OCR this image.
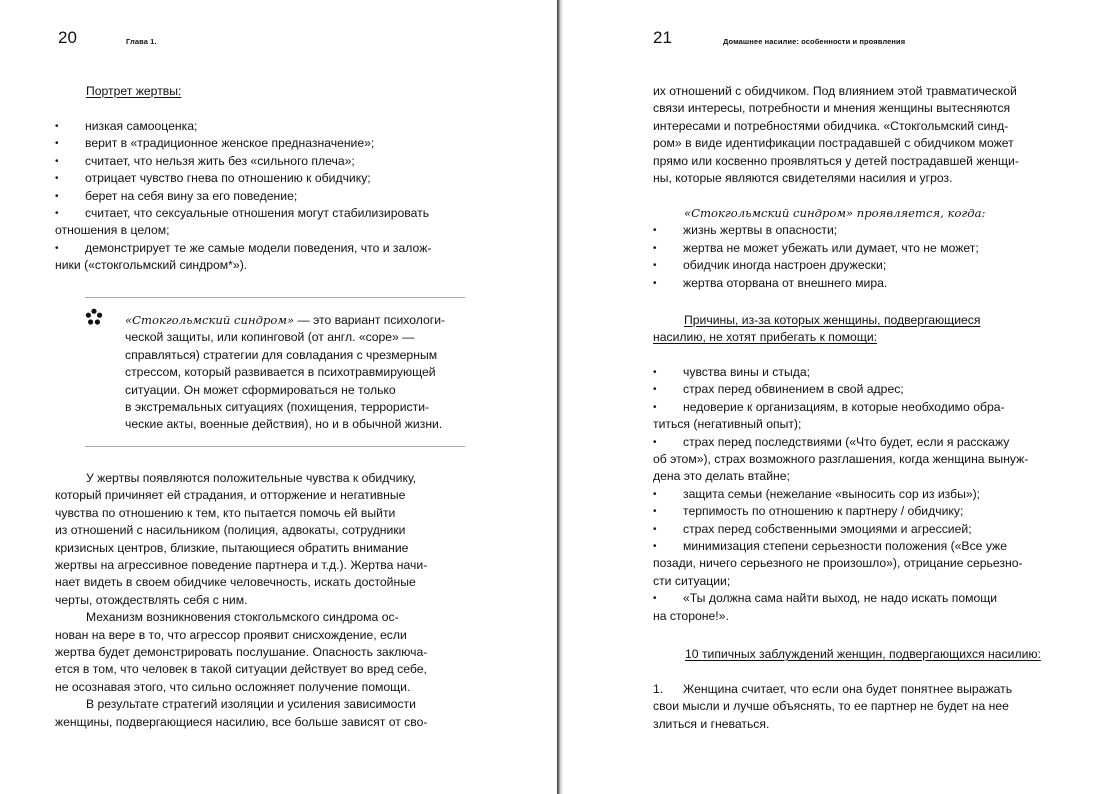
20	Глава 1.

Портрет жертвы:

• низкая самооценка;
• верит в «традиционное женское предназначение»;
• считает, что нельзя жить без «сильного плеча»;
• отрицает чувство гнева по отношению к обидчику;
• берет на себя вину за его поведение;
• считает, что сексуальные отношения могут стабилизировать
отношения в целом;
• демонстрирует те же самые модели поведения, что и залож-
ники («стокгольмский синдром*»).
«Стокгольмский синдром» — это вариант психологи-
ческой защиты, или копинговой (от англ. «cope» —
справляться) стратегии для совладания с чрезмерным
стрессом, который развивается в психотравмирующей
ситуации. Он может сформироваться не только
в экстремальных ситуациях (похищения, террористи-
ческие акты, военные действия), но и в обычной жизни.
У жертвы появляются положительные чувства к обидчику,
который причиняет ей страдания, и отторжение и негативные
чувства по отношению к тем, кто пытается помочь ей выйти
из отношений с насильником (полиция, адвокаты, сотрудники
кризисных центров, близкие, пытающиеся обратить внимание
жертвы на агрессивное поведение партнера и т.д.). Жертва начи-
нает видеть в своем обидчике человечность, искать достойные
черты, отождествлять себя с ним.
Механизм возникновения стокгольмского синдрома ос-
нован на вере в то, что агрессор проявит снисхождение, если
жертва будет демонстрировать послушание. Опасность заключа-
ется в том, что человек в такой ситуации действует во вред себе,
не осознавая этого, что сильно осложняет получение помощи.
В результате стратегий изоляции и усиления зависимости
женщины, подвергающиеся насилию, все больше зависят от сво-
21	Домашнее насилие: особенности и проявления
их отношений с обидчиком. Под влиянием этой травматической
связи интересы, потребности и мнения женщины вытесняются
интересами и потребностями обидчика. «Стокгольмский синд-
ром» в виде идентификации пострадавшей с обидчиком может
прямо или косвенно проявляться у детей пострадавшей женщи-
ны, которые являются свидетелями насилия и угроз.
«Стокгольмский синдром» проявляется, когда:
• жизнь жертвы в опасности;
• жертва не может убежать или думает, что не может;
• обидчик иногда настроен дружески;
• жертва оторвана от внешнего мира.
Причины, из-за которых женщины, подвергающиеся
насилию, не хотят прибегать к помощи:
• чувства вины и стыда;
• страх перед обвинением в свой адрес;
• недоверие к организациям, в которые необходимо обра-
титься (негативный опыт);
• страх перед последствиями («Что будет, если я расскажу
об этом»), страх возможного разглашения, когда женщина вынуж-
дена это делать втайне;
• защита семьи (нежелание «выносить сор из избы»);
• терпимость по отношению к партнеру / обидчику;
• страх перед собственными эмоциями и агрессией;
• минимизация степени серьезности положения («Все уже
позади, ничего серьезного не произошло»), отрицание серьезно-
сти ситуации;
• «Ты должна сама найти выход, не надо искать помощи
на стороне!».
10 типичных заблуждений женщин, подвергающихся насилию:
1. Женщина считает, что если она будет понятнее выражать
свои мысли и лучше объяснять, то ее партнер не будет на нее
злиться и гневаться.
